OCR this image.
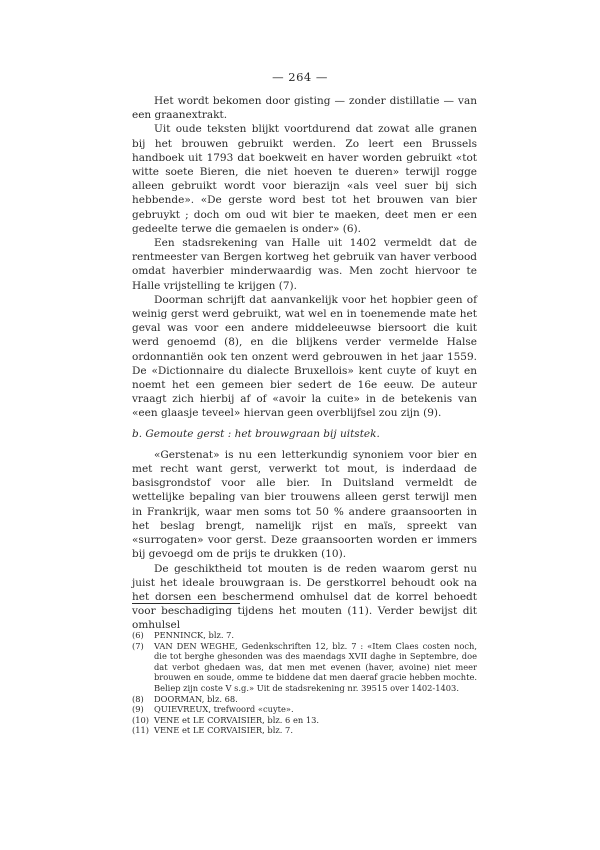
— 264 —

Het wordt bekomen door gisting — zonder distillatie — van een graanextrakt.

Uit oude teksten blijkt voortdurend dat zowat alle granen bij het brouwen gebruikt werden. Zo leert een Brussels handboek uit 1793 dat boekweit en haver worden gebruikt «tot witte soete Bieren, die niet hoeven te dueren» terwijl rogge alleen gebruikt wordt voor bierazijn «als veel suer bij sich hebbende». «De gerste word best tot het brouwen van bier gebruykt ; doch om oud wit bier te maeken, deet men er een gedeelte terwe die gemaelen is onder» (6).

Een stadsrekening van Halle uit 1402 vermeldt dat de rentmeester van Bergen kortweg het gebruik van haver verbood omdat haverbier minderwaardig was. Men zocht hiervoor te Halle vrijstelling te krijgen (7).

Doorman schrijft dat aanvankelijk voor het hopbier geen of weinig gerst werd gebruikt, wat wel en in toenemende mate het geval was voor een andere middeleeuwse biersoort die kuit werd genoemd (8), en die blijkens verder vermelde Halse ordonnantiën ook ten onzent werd gebrouwen in het jaar 1559. De «Dictionnaire du dialecte Bruxellois» kent cuyte of kuyt en noemt het een gemeen bier sedert de 16e eeuw. De auteur vraagt zich hierbij af of «avoir la cuite» in de betekenis van «een glaasje teveel» hiervan geen overblijfsel zou zijn (9).

b. Gemoute gerst : het brouwgraan bij uitstek.

«Gerstenat» is nu een letterkundig synoniem voor bier en met recht want gerst, verwerkt tot mout, is inderdaad de basisgrondstof voor alle bier. In Duitsland vermeldt de wettelijke bepaling van bier trouwens alleen gerst terwijl men in Frankrijk, waar men soms tot 50 % andere graansoorten in het beslag brengt, namelijk rijst en maïs, spreekt van «surrogaten» voor gerst. Deze graansoorten worden er immers bij gevoegd om de prijs te drukken (10).

De geschiktheid tot mouten is de reden waarom gerst nu juist het ideale brouwgraan is. De gerstkorrel behoudt ook na het dorsen een beschermend omhulsel dat de korrel behoedt voor beschadiging tijdens het mouten (11). Verder bewijst dit omhulsel

(6)	PENNINCK, blz. 7.
(7)	VAN DEN WEGHE, Gedenkschriften 12, blz. 7 : «Item Claes costen noch, die tot berghe ghesonden was des maendags XVII daghe in Septembre, doe dat verbot ghedaen was, dat men met evenen (haver, avoine) niet meer brouwen en soude, omme te biddene dat men daeraf gracie hebben mochte. Beliep zijn coste V s.g.» Uit de stadsrekening nr. 39515 over 1402-1403.
(8)	DOORMAN, blz. 68.
(9)	QUIEVREUX, trefwoord «cuyte».
(10) VENE et LE CORVAISIER, blz. 6 en 13.
(11) VENE et LE CORVAISIER, blz. 7.
